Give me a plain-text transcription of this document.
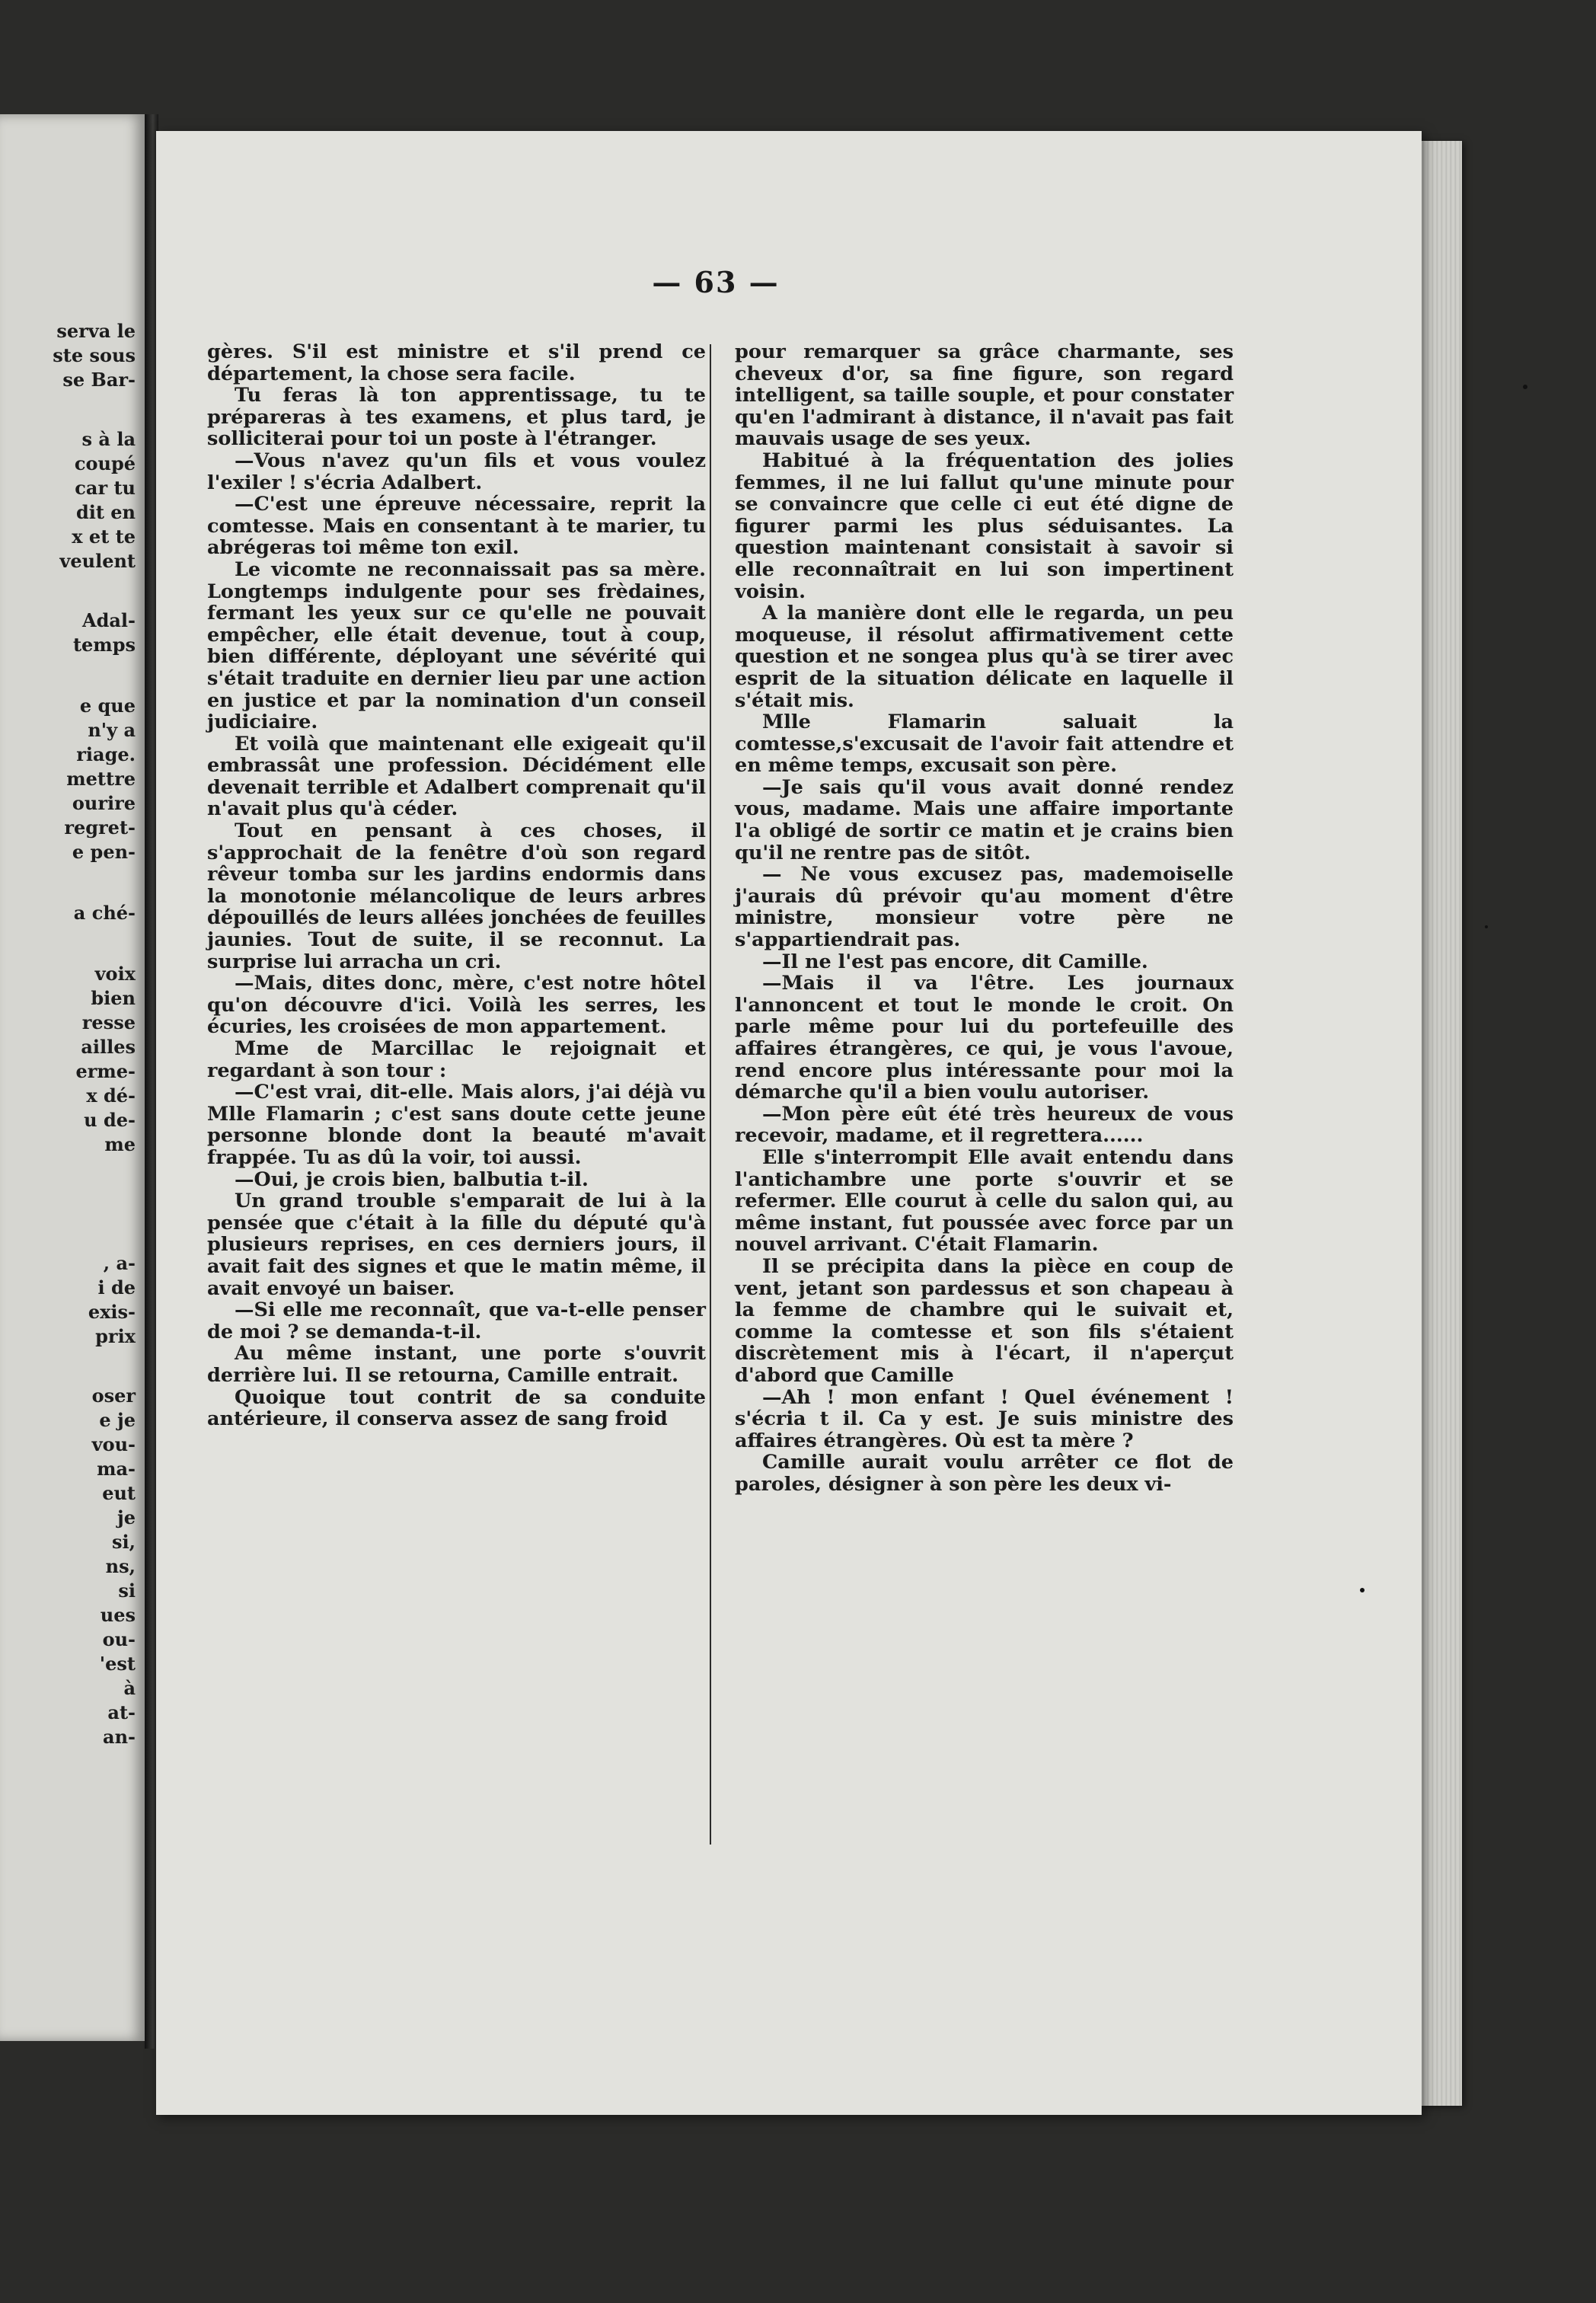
serva le
ste sous
se Bar-
s à la
coupé
car tu
dit en
x et te
veulent
Adal-
temps
e que
n'y a
riage.
mettre
ourire
regret-
e pen-
a ché-
voix
bien
resse
ailles
erme-
x dé-
u de-
me
, a-
i de
exis-
prix
oser
e je
vou-
ma-
eut
je
si,
ns,
si
ues
ou-
'est
à
at-
an-
— 63 —

gères. S'il est ministre et s'il prend ce département, la chose sera facile.

Tu feras là ton apprentissage, tu te prépareras à tes examens, et plus tard, je solliciterai pour toi un poste à l'étranger.

—Vous n'avez qu'un fils et vous voulez l'exiler ! s'écria Adalbert.

—C'est une épreuve nécessaire, reprit la comtesse. Mais en consentant à te marier, tu abrégeras toi même ton exil.

Le vicomte ne reconnaissait pas sa mère. Longtemps indulgente pour ses frèdaines, fermant les yeux sur ce qu'elle ne pouvait empêcher, elle était devenue, tout à coup, bien différente, déployant une sévérité qui s'était traduite en dernier lieu par une action en justice et par la nomination d'un conseil judiciaire.

Et voilà que maintenant elle exigeait qu'il embrassât une profession. Décidément elle devenait terrible et Adalbert comprenait qu'il n'avait plus qu'à céder.

Tout en pensant à ces choses, il s'approchait de la fenêtre d'où son regard rêveur tomba sur les jardins endormis dans la monotonie mélancolique de leurs arbres dépouillés de leurs allées jonchées de feuilles jaunies. Tout de suite, il se reconnut. La surprise lui arracha un cri.

—Mais, dites donc, mère, c'est notre hôtel qu'on découvre d'ici. Voilà les serres, les écuries, les croisées de mon appartement.

Mme de Marcillac le rejoignait et regardant à son tour :

—C'est vrai, dit-elle. Mais alors, j'ai déjà vu Mlle Flamarin ; c'est sans doute cette jeune personne blonde dont la beauté m'avait frappée. Tu as dû la voir, toi aussi.

—Oui, je crois bien, balbutia t-il.

Un grand trouble s'emparait de lui à la pensée que c'était à la fille du député qu'à plusieurs reprises, en ces derniers jours, il avait fait des signes et que le matin même, il avait envoyé un baiser.

—Si elle me reconnaît, que va-t-elle penser de moi ? se demanda-t-il.

Au même instant, une porte s'ouvrit derrière lui. Il se retourna, Camille entrait.

Quoique tout contrit de sa conduite antérieure, il conserva assez de sang froid

pour remarquer sa grâce charmante, ses cheveux d'or, sa fine figure, son regard intelligent, sa taille souple, et pour constater qu'en l'admirant à distance, il n'avait pas fait mauvais usage de ses yeux.

Habitué à la fréquentation des jolies femmes, il ne lui fallut qu'une minute pour se convaincre que celle ci eut été digne de figurer parmi les plus séduisantes. La question maintenant consistait à savoir si elle reconnaîtrait en lui son impertinent voisin.

A la manière dont elle le regarda, un peu moqueuse, il résolut affirmativement cette question et ne songea plus qu'à se tirer avec esprit de la situation délicate en laquelle il s'était mis.

Mlle Flamarin saluait la comtesse,s'excusait de l'avoir fait attendre et en même temps, excusait son père.

—Je sais qu'il vous avait donné rendez vous, madame. Mais une affaire importante l'a obligé de sortir ce matin et je crains bien qu'il ne rentre pas de sitôt.

— Ne vous excusez pas, mademoiselle j'aurais dû prévoir qu'au moment d'être ministre, monsieur votre père ne s'appartiendrait pas.

—Il ne l'est pas encore, dit Camille.

—Mais il va l'être. Les journaux l'annoncent et tout le monde le croit. On parle même pour lui du portefeuille des affaires étrangères, ce qui, je vous l'avoue, rend encore plus intéressante pour moi la démarche qu'il a bien voulu autoriser.

—Mon père eût été très heureux de vous recevoir, madame, et il regrettera......

Elle s'interrompit Elle avait entendu dans l'antichambre une porte s'ouvrir et se refermer. Elle courut à celle du salon qui, au même instant, fut poussée avec force par un nouvel arrivant. C'était Flamarin.

Il se précipita dans la pièce en coup de vent, jetant son pardessus et son chapeau à la femme de chambre qui le suivait et, comme la comtesse et son fils s'étaient discrètement mis à l'écart, il n'aperçut d'abord que Camille

—Ah ! mon enfant ! Quel événement ! s'écria t il. Ca y est. Je suis ministre des affaires étrangères. Où est ta mère ?

Camille aurait voulu arrêter ce flot de paroles, désigner à son père les deux vi-
